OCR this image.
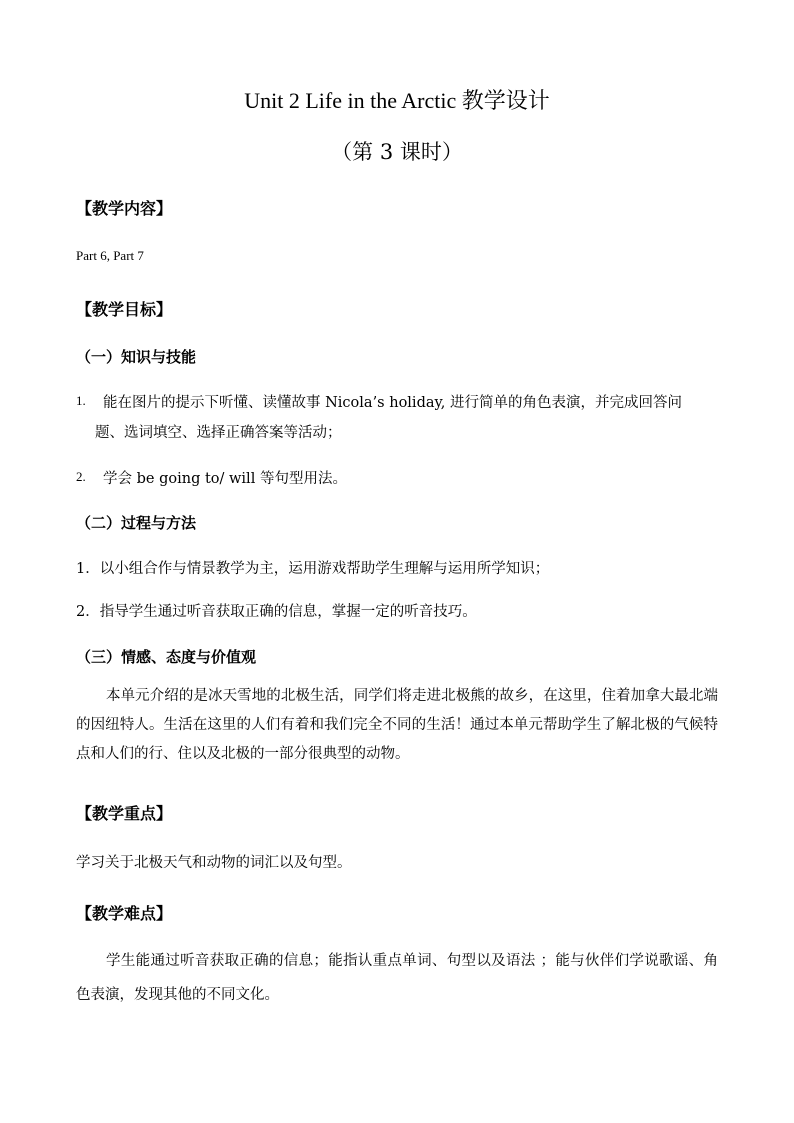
Unit 2 Life in the Arctic 教学设计
（第 3 课时）
【教学内容】
Part 6, Part 7
【教学目标】
（一）知识与技能
1. 能在图片的提示下听懂、读懂故事 Nicola’s holiday, 进行简单的角色表演，并完成回答问
题、选词填空、选择正确答案等活动；
2. 学会 be going to/ will 等句型用法。
（二）过程与方法
1．以小组合作与情景教学为主，运用游戏帮助学生理解与运用所学知识；
2．指导学生通过听音获取正确的信息，掌握一定的听音技巧。
（三）情感、态度与价值观
本单元介绍的是冰天雪地的北极生活，同学们将走进北极熊的故乡，在这里，住着加拿大最北端的因纽特人。生活在这里的人们有着和我们完全不同的生活！通过本单元帮助学生了解北极的气候特点和人们的行、住以及北极的一部分很典型的动物。
【教学重点】
学习关于北极天气和动物的词汇以及句型。
【教学难点】
学生能通过听音获取正确的信息；能指认重点单词、句型以及语法 ；能与伙伴们学说歌谣、角色表演，发现其他的不同文化。
